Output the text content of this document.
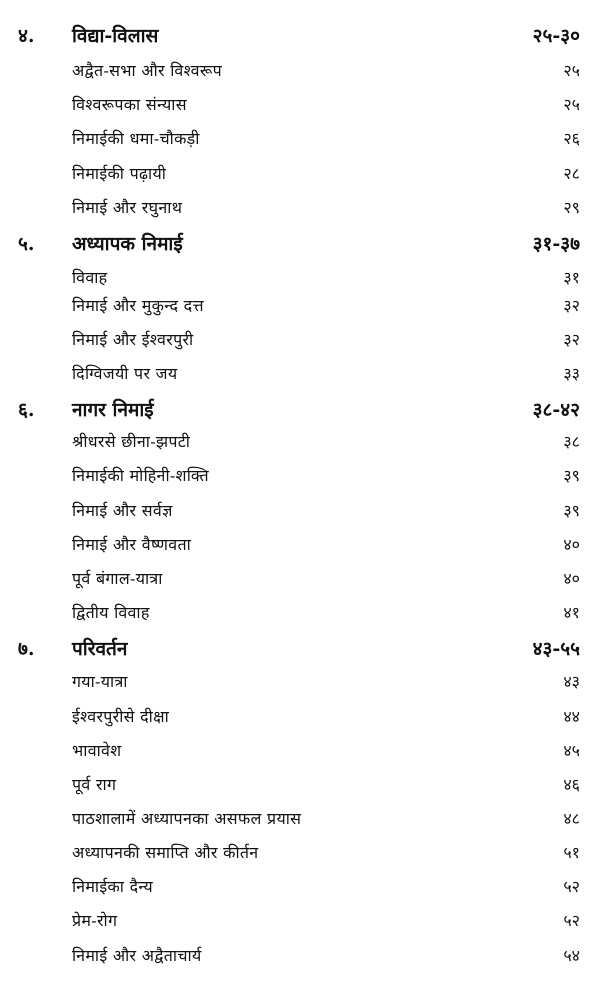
४.	विद्या-विलास	२५-३०
अद्वैत-सभा और विश्वरूप	२५
विश्वरूपका संन्यास	२५
निमाईकी धमा-चौकड़ी	२६
निमाईकी पढ़ायी	२८
निमाई और रघुनाथ	२९
५.	अध्यापक निमाई	३१-३७
विवाह	३१
निमाई और मुकुन्द दत्त	३२
निमाई और ईश्वरपुरी	३२
दिग्विजयी पर जय	३३
६.	नागर निमाई	३८-४२
श्रीधरसे छीना-झपटी	३८
निमाईकी मोहिनी-शक्ति	३९
निमाई और सर्वज्ञ	३९
निमाई और वैष्णवता	४०
पूर्व बंगाल-यात्रा	४०
द्वितीय विवाह	४१
७.	परिवर्तन	४३-५५
गया-यात्रा	४३
ईश्वरपुरीसे दीक्षा	४४
भावावेश	४५
पूर्व राग	४६
पाठशालामें अध्यापनका असफल प्रयास	४८
अध्यापनकी समाप्ति और कीर्तन	५१
निमाईका दैन्य	५२
प्रेम-रोग	५२
निमाई और अद्वैताचार्य	५४
